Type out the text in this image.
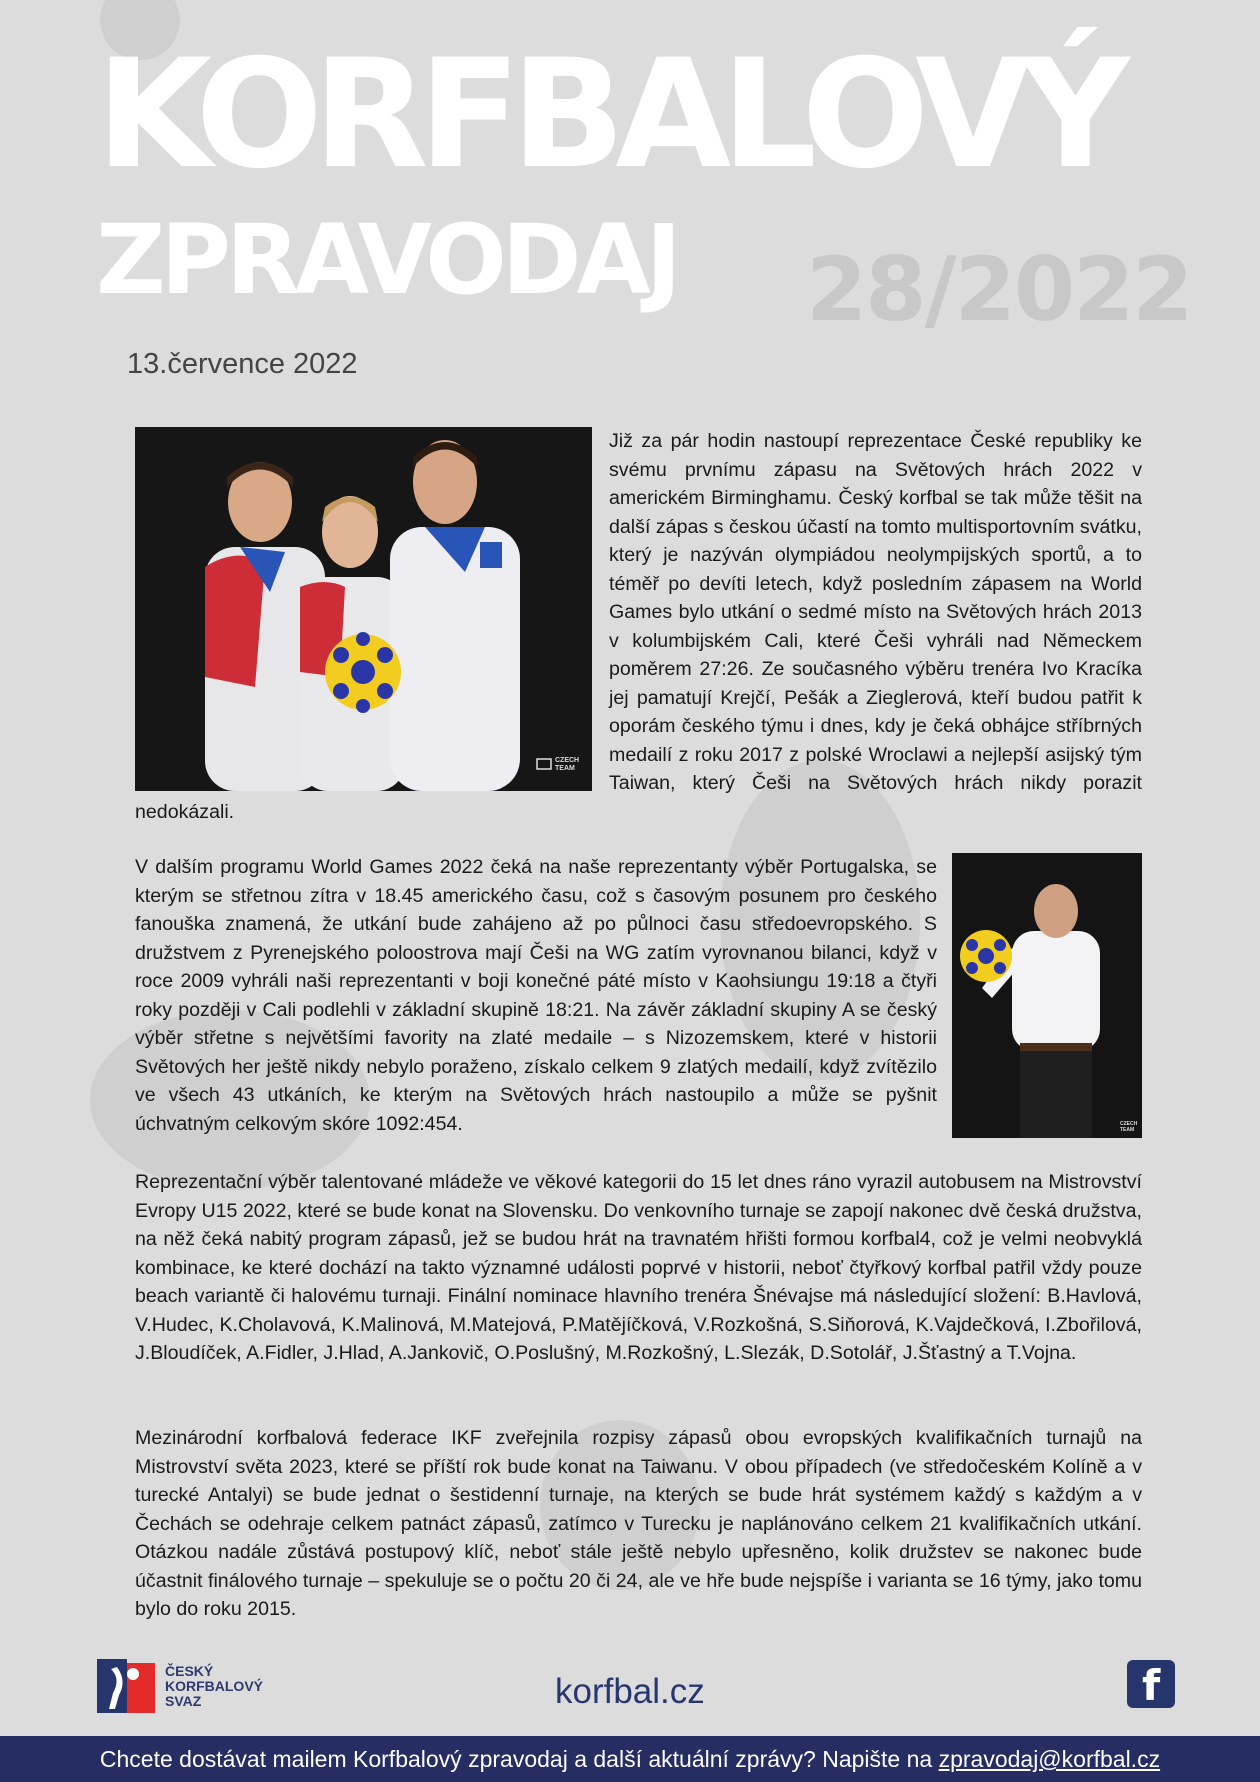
KORFBALOVÝ
ZPRAVODAJ 28/2022
13.července 2022
CZECH TEAM

Již za pár hodin nastoupí reprezentace České republiky ke svému prvnímu zápasu na Světových hrách 2022 v americkém Birminghamu. Český korfbal se tak může těšit na další zápas s českou účastí na tomto multisportovním svátku, který je nazýván olympiádou neolympijských sportů, a to téměř po devíti letech, když posledním zápasem na World Games bylo utkání o sedmé místo na Světových hrách 2013 v kolumbijském Cali, které Češi vyhráli nad Německem poměrem 27:26. Ze současného výběru trenéra Ivo Kracíka jej pamatují Krejčí, Pešák a Zieglerová, kteří budou patřit k oporám českého týmu i dnes, kdy je čeká obhájce stříbrných medailí z roku 2017 z polské Wroclawi a nejlepší asijský tým Taiwan, který Češi na Světových hrách nikdy porazit nedokázali.

CZECH TEAM

V dalším programu World Games 2022 čeká na naše reprezentanty výběr Portugalska, se kterým se střetnou zítra v 18.45 amerického času, což s časovým posunem pro českého fanouška znamená, že utkání bude zahájeno až po půlnoci času středoevropského. S družstvem z Pyrenejského poloostrova mají Češi na WG zatím vyrovnanou bilanci, když v roce 2009 vyhráli naši reprezentanti v boji konečné páté místo v Kaohsiungu 19:18 a čtyři roky později v Cali podlehli v základní skupině 18:21. Na závěr základní skupiny A se český výběr střetne s největšími favority na zlaté medaile – s Nizozemskem, které v historii Světových her ještě nikdy nebylo poraženo, získalo celkem 9 zlatých medailí, když zvítězilo ve všech 43 utkáních, ke kterým na Světových hrách nastoupilo a může se pyšnit úchvatným celkovým skóre 1092:454.

Reprezentační výběr talentované mládeže ve věkové kategorii do 15 let dnes ráno vyrazil autobusem na Mistrovství Evropy U15 2022, které se bude konat na Slovensku. Do venkovního turnaje se zapojí nakonec dvě česká družstva, na něž čeká nabitý program zápasů, jež se budou hrát na travnatém hřišti formou korfbal4, což je velmi neobvyklá kombinace, ke které dochází na takto významné události poprvé v historii, neboť čtyřkový korfbal patřil vždy pouze beach variantě či halovému turnaji. Finální nominace hlavního trenéra Šnévajse má následující složení: B.Havlová, V.Hudec, K.Cholavová, K.Malinová, M.Matejová, P.Matějíčková, V.Rozkošná, S.Siňorová, K.Vajdečková, I.Zbořilová, J.Bloudíček, A.Fidler, J.Hlad, A.Jankovič, O.Poslušný, M.Rozkošný, L.Slezák, D.Sotolář, J.Šťastný a T.Vojna.

Mezinárodní korfbalová federace IKF zveřejnila rozpisy zápasů obou evropských kvalifikačních turnajů na Mistrovství světa 2023, které se příští rok bude konat na Taiwanu. V obou případech (ve středočeském Kolíně a v turecké Antalyi) se bude jednat o šestidenní turnaje, na kterých se bude hrát systémem každý s každým a v Čechách se odehraje celkem patnáct zápasů, zatímco v Turecku je naplánováno celkem 21 kvalifikačních utkání. Otázkou nadále zůstává postupový klíč, neboť stále ještě nebylo upřesněno, kolik družstev se nakonec bude účastnit finálového turnaje – spekuluje se o počtu 20 či 24, ale ve hře bude nejspíše i varianta se 16 týmy, jako tomu bylo do roku 2015.

ČESKÝ
KORFBALOVÝ
SVAZ	korfbal.cz	f
Chcete dostávat mailem Korfbalový zpravodaj a další aktuální zprávy? Napište na zpravodaj@korfbal.cz
